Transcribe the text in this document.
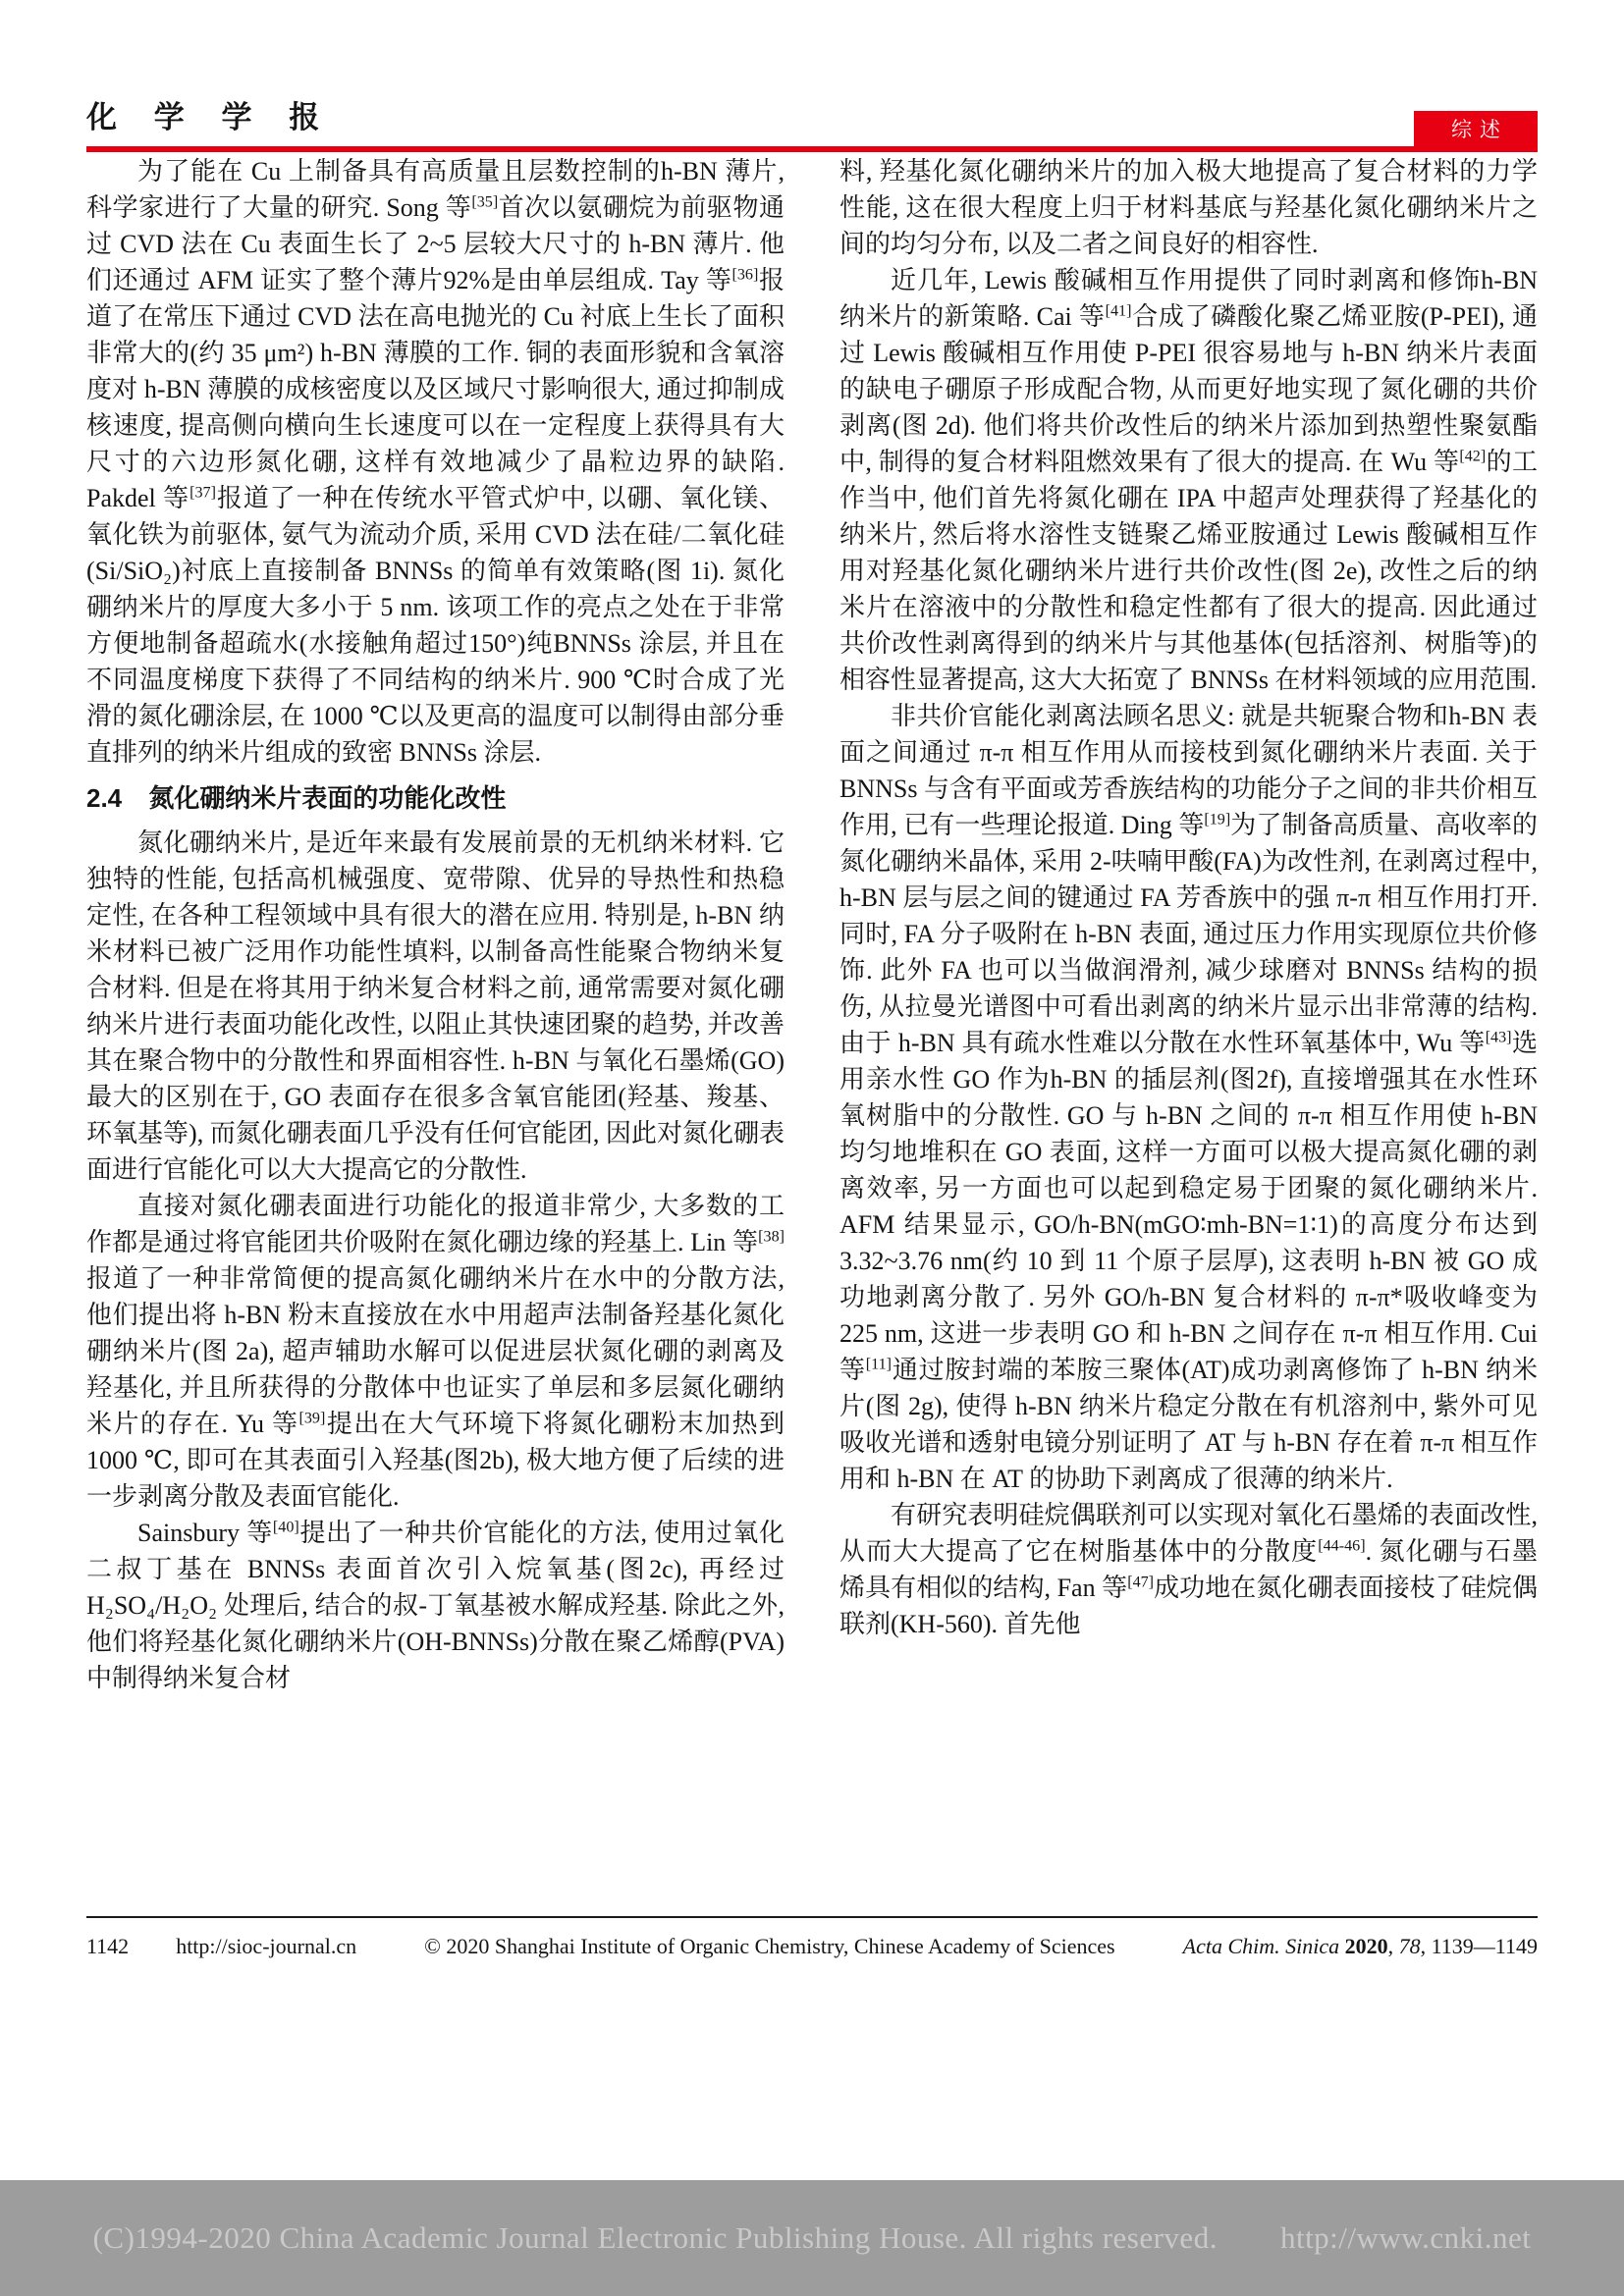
化 学 学 报	综述

为了能在 Cu 上制备具有高质量且层数控制的h-BN 薄片, 科学家进行了大量的研究. Song 等[35]首次以氨硼烷为前驱物通过 CVD 法在 Cu 表面生长了 2~5 层较大尺寸的 h-BN 薄片. 他们还通过 AFM 证实了整个薄片92%是由单层组成. Tay 等[36]报道了在常压下通过 CVD 法在高电抛光的 Cu 衬底上生长了面积非常大的(约 35 μm²) h-BN 薄膜的工作. 铜的表面形貌和含氧溶度对 h-BN 薄膜的成核密度以及区域尺寸影响很大, 通过抑制成核速度, 提高侧向横向生长速度可以在一定程度上获得具有大尺寸的六边形氮化硼, 这样有效地减少了晶粒边界的缺陷. Pakdel 等[37]报道了一种在传统水平管式炉中, 以硼、氧化镁、氧化铁为前驱体, 氨气为流动介质, 采用 CVD 法在硅/二氧化硅(Si/SiO₂)衬底上直接制备 BNNSs 的简单有效策略(图 1i). 氮化硼纳米片的厚度大多小于 5 nm. 该项工作的亮点之处在于非常方便地制备超疏水(水接触角超过150°)纯BNNSs 涂层, 并且在不同温度梯度下获得了不同结构的纳米片. 900 ℃时合成了光滑的氮化硼涂层, 在 1000 ℃以及更高的温度可以制得由部分垂直排列的纳米片组成的致密 BNNSs 涂层.

2.4 氮化硼纳米片表面的功能化改性

氮化硼纳米片, 是近年来最有发展前景的无机纳米材料. 它独特的性能, 包括高机械强度、宽带隙、优异的导热性和热稳定性, 在各种工程领域中具有很大的潜在应用. 特别是, h-BN 纳米材料已被广泛用作功能性填料, 以制备高性能聚合物纳米复合材料. 但是在将其用于纳米复合材料之前, 通常需要对氮化硼纳米片进行表面功能化改性, 以阻止其快速团聚的趋势, 并改善其在聚合物中的分散性和界面相容性. h-BN 与氧化石墨烯(GO)最大的区别在于, GO 表面存在很多含氧官能团(羟基、羧基、环氧基等), 而氮化硼表面几乎没有任何官能团, 因此对氮化硼表面进行官能化可以大大提高它的分散性.

直接对氮化硼表面进行功能化的报道非常少, 大多数的工作都是通过将官能团共价吸附在氮化硼边缘的羟基上. Lin 等[38]报道了一种非常简便的提高氮化硼纳米片在水中的分散方法, 他们提出将 h-BN 粉末直接放在水中用超声法制备羟基化氮化硼纳米片(图 2a), 超声辅助水解可以促进层状氮化硼的剥离及羟基化, 并且所获得的分散体中也证实了单层和多层氮化硼纳米片的存在. Yu 等[39]提出在大气环境下将氮化硼粉末加热到 1000 ℃, 即可在其表面引入羟基(图2b), 极大地方便了后续的进一步剥离分散及表面官能化.

Sainsbury 等[40]提出了一种共价官能化的方法, 使用过氧化二叔丁基在 BNNSs 表面首次引入烷氧基(图2c), 再经过 H₂SO₄/H₂O₂ 处理后, 结合的叔-丁氧基被水解成羟基. 除此之外, 他们将羟基化氮化硼纳米片(OH-BNNSs)分散在聚乙烯醇(PVA)中制得纳米复合材

料, 羟基化氮化硼纳米片的加入极大地提高了复合材料的力学性能, 这在很大程度上归于材料基底与羟基化氮化硼纳米片之间的均匀分布, 以及二者之间良好的相容性.

近几年, Lewis 酸碱相互作用提供了同时剥离和修饰h-BN 纳米片的新策略. Cai 等[41]合成了磷酸化聚乙烯亚胺(P-PEI), 通过 Lewis 酸碱相互作用使 P-PEI 很容易地与 h-BN 纳米片表面的缺电子硼原子形成配合物, 从而更好地实现了氮化硼的共价剥离(图 2d). 他们将共价改性后的纳米片添加到热塑性聚氨酯中, 制得的复合材料阻燃效果有了很大的提高. 在 Wu 等[42]的工作当中, 他们首先将氮化硼在 IPA 中超声处理获得了羟基化的纳米片, 然后将水溶性支链聚乙烯亚胺通过 Lewis 酸碱相互作用对羟基化氮化硼纳米片进行共价改性(图 2e), 改性之后的纳米片在溶液中的分散性和稳定性都有了很大的提高. 因此通过共价改性剥离得到的纳米片与其他基体(包括溶剂、树脂等)的相容性显著提高, 这大大拓宽了 BNNSs 在材料领域的应用范围.

非共价官能化剥离法顾名思义: 就是共轭聚合物和h-BN 表面之间通过 π-π 相互作用从而接枝到氮化硼纳米片表面. 关于 BNNSs 与含有平面或芳香族结构的功能分子之间的非共价相互作用, 已有一些理论报道. Ding 等[19]为了制备高质量、高收率的氮化硼纳米晶体, 采用 2-呋喃甲酸(FA)为改性剂, 在剥离过程中, h-BN 层与层之间的键通过 FA 芳香族中的强 π-π 相互作用打开. 同时, FA 分子吸附在 h-BN 表面, 通过压力作用实现原位共价修饰. 此外 FA 也可以当做润滑剂, 减少球磨对 BNNSs 结构的损伤, 从拉曼光谱图中可看出剥离的纳米片显示出非常薄的结构. 由于 h-BN 具有疏水性难以分散在水性环氧基体中, Wu 等[43]选用亲水性 GO 作为h-BN 的插层剂(图2f), 直接增强其在水性环氧树脂中的分散性. GO 与 h-BN 之间的 π-π 相互作用使 h-BN 均匀地堆积在 GO 表面, 这样一方面可以极大提高氮化硼的剥离效率, 另一方面也可以起到稳定易于团聚的氮化硼纳米片. AFM 结果显示, GO/h-BN(mGO∶mh-BN=1∶1)的高度分布达到 3.32~3.76 nm(约 10 到 11 个原子层厚), 这表明 h-BN 被 GO 成功地剥离分散了. 另外 GO/h-BN 复合材料的 π-π*吸收峰变为 225 nm, 这进一步表明 GO 和 h-BN 之间存在 π-π 相互作用. Cui 等[11]通过胺封端的苯胺三聚体(AT)成功剥离修饰了 h-BN 纳米片(图 2g), 使得 h-BN 纳米片稳定分散在有机溶剂中, 紫外可见吸收光谱和透射电镜分别证明了 AT 与 h-BN 存在着 π-π 相互作用和 h-BN 在 AT 的协助下剥离成了很薄的纳米片.

有研究表明硅烷偶联剂可以实现对氧化石墨烯的表面改性, 从而大大提高了它在树脂基体中的分散度[44-46]. 氮化硼与石墨烯具有相似的结构, Fan 等[47]成功地在氮化硼表面接枝了硅烷偶联剂(KH-560). 首先他

1142 http://sioc-journal.cn	© 2020 Shanghai Institute of Organic Chemistry, Chinese Academy of Sciences	Acta Chim. Sinica 2020, 78, 1139—1149
(C)1994-2020 China Academic Journal Electronic Publishing House. All rights reserved. http://www.cnki.net
